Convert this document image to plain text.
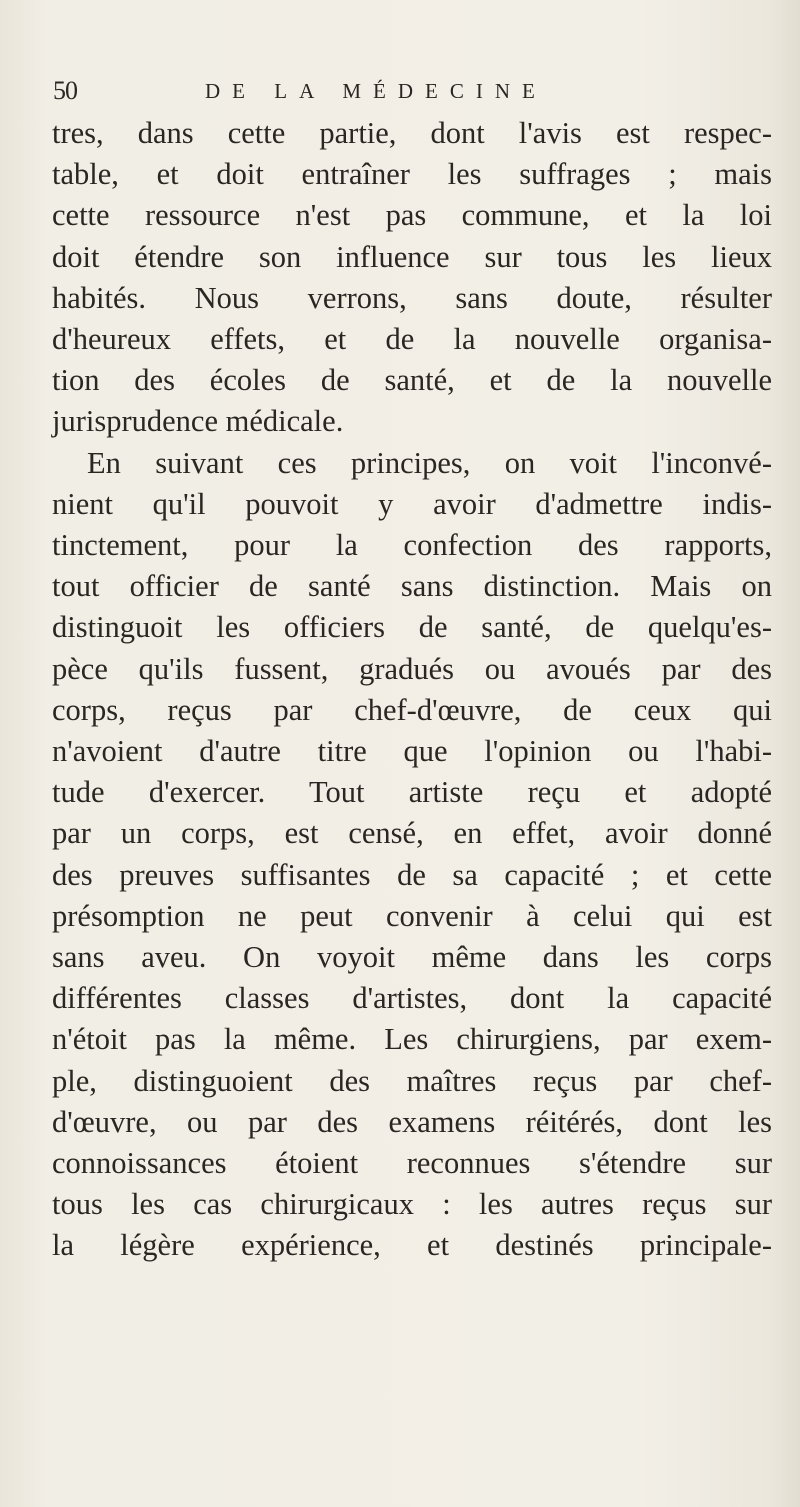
50	DE LA MÉDECINE
tres, dans cette partie, dont l'avis est respec-
table, et doit entraîner les suffrages ; mais
cette ressource n'est pas commune, et la loi
doit étendre son influence sur tous les lieux
habités. Nous verrons, sans doute, résulter
d'heureux effets, et de la nouvelle organisa-
tion des écoles de santé, et de la nouvelle
jurisprudence médicale.
En suivant ces principes, on voit l'inconvé-
nient qu'il pouvoit y avoir d'admettre indis-
tinctement, pour la confection des rapports,
tout officier de santé sans distinction. Mais on
distinguoit les officiers de santé, de quelqu'es-
pèce qu'ils fussent, gradués ou avoués par des
corps, reçus par chef-d'œuvre, de ceux qui
n'avoient d'autre titre que l'opinion ou l'habi-
tude d'exercer. Tout artiste reçu et adopté
par un corps, est censé, en effet, avoir donné
des preuves suffisantes de sa capacité ; et cette
présomption ne peut convenir à celui qui est
sans aveu. On voyoit même dans les corps
différentes classes d'artistes, dont la capacité
n'étoit pas la même. Les chirurgiens, par exem-
ple, distinguoient des maîtres reçus par chef-
d'œuvre, ou par des examens réitérés, dont les
connoissances étoient reconnues s'étendre sur
tous les cas chirurgicaux : les autres reçus sur
la légère expérience, et destinés principale-
